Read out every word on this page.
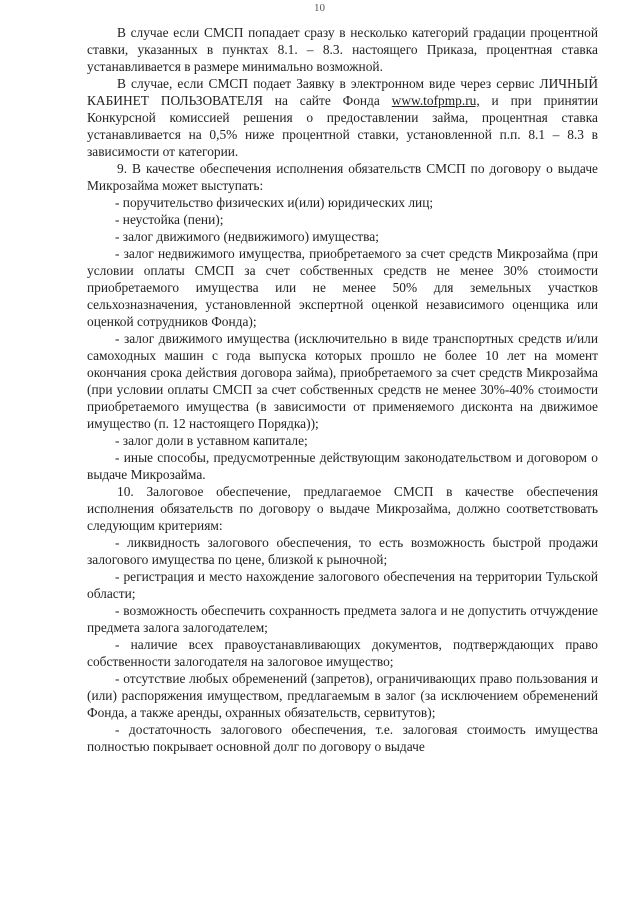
10

В случае если СМСП попадает сразу в несколько категорий градации процентной ставки, указанных в пунктах 8.1. – 8.3. настоящего Приказа, процентная ставка устанавливается в размере минимально возможной.

В случае, если СМСП подает Заявку в электронном виде через сервис ЛИЧНЫЙ КАБИНЕТ ПОЛЬЗОВАТЕЛЯ на сайте Фонда www.tofpmp.ru, и при принятии Конкурсной комиссией решения о предоставлении займа, процентная ставка устанавливается на 0,5% ниже процентной ставки, установленной п.п. 8.1 – 8.3 в зависимости от категории.

9. В качестве обеспечения исполнения обязательств СМСП по договору о выдаче Микрозайма может выступать:

- поручительство физических и(или) юридических лиц;

- неустойка (пени);

- залог движимого (недвижимого) имущества;

- залог недвижимого имущества, приобретаемого за счет средств Микрозайма (при условии оплаты СМСП за счет собственных средств не менее 30% стоимости приобретаемого имущества или не менее 50% для земельных участков сельхозназначения, установленной экспертной оценкой независимого оценщика или оценкой сотрудников Фонда);

- залог движимого имущества (исключительно в виде транспортных средств и/или самоходных машин с года выпуска которых прошло не более 10 лет на момент окончания срока действия договора займа), приобретаемого за счет средств Микрозайма (при условии оплаты СМСП за счет собственных средств не менее 30%-40% стоимости приобретаемого имущества (в зависимости от применяемого дисконта на движимое имущество (п. 12 настоящего Порядка));

- залог доли в уставном капитале;

- иные способы, предусмотренные действующим законодательством и договором о выдаче Микрозайма.

10. Залоговое обеспечение, предлагаемое СМСП в качестве обеспечения исполнения обязательств по договору о выдаче Микрозайма, должно соответствовать следующим критериям:

- ликвидность залогового обеспечения, то есть возможность быстрой продажи залогового имущества по цене, близкой к рыночной;

- регистрация и место нахождение залогового обеспечения на территории Тульской области;

- возможность обеспечить сохранность предмета залога и не допустить отчуждение предмета залога залогодателем;

- наличие всех правоустанавливающих документов, подтверждающих право собственности залогодателя на залоговое имущество;

- отсутствие любых обременений (запретов), ограничивающих право пользования и (или) распоряжения имуществом, предлагаемым в залог (за исключением обременений Фонда, а также аренды, охранных обязательств, сервитутов);

- достаточность залогового обеспечения, т.е. залоговая стоимость имущества полностью покрывает основной долг по договору о выдаче
